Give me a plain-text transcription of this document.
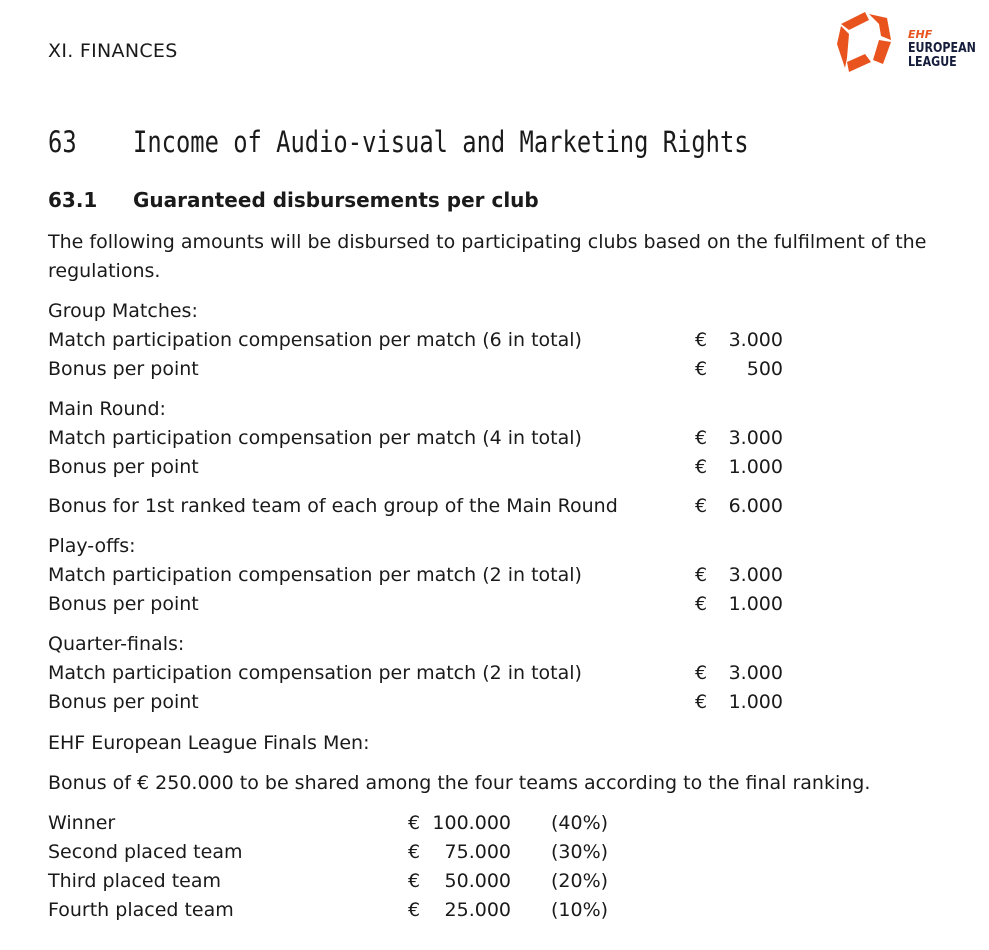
XI. FINANCES
EHF
EUROPEAN
LEAGUE
63 Income of Audio-visual and Marketing Rights
63.1 Guaranteed disbursements per club
The following amounts will be disbursed to participating clubs based on the fulfilment of the regulations.
Group Matches:
Match participation compensation per match (6 in total)	€	3.000
Bonus per point	€	500
Main Round:
Match participation compensation per match (4 in total)	€	3.000
Bonus per point	€	1.000
Bonus for 1st ranked team of each group of the Main Round	€	6.000
Play-offs:
Match participation compensation per match (2 in total)	€	3.000
Bonus per point	€	1.000
Quarter-finals:
Match participation compensation per match (2 in total)	€	3.000
Bonus per point	€	1.000
EHF European League Finals Men:
Bonus of € 250.000 to be shared among the four teams according to the final ranking.
Winner	€ 100.000 (40%)
Second placed team	€	75.000 (30%)
Third placed team	€	50.000 (20%)
Fourth placed team	€	25.000 (10%)
